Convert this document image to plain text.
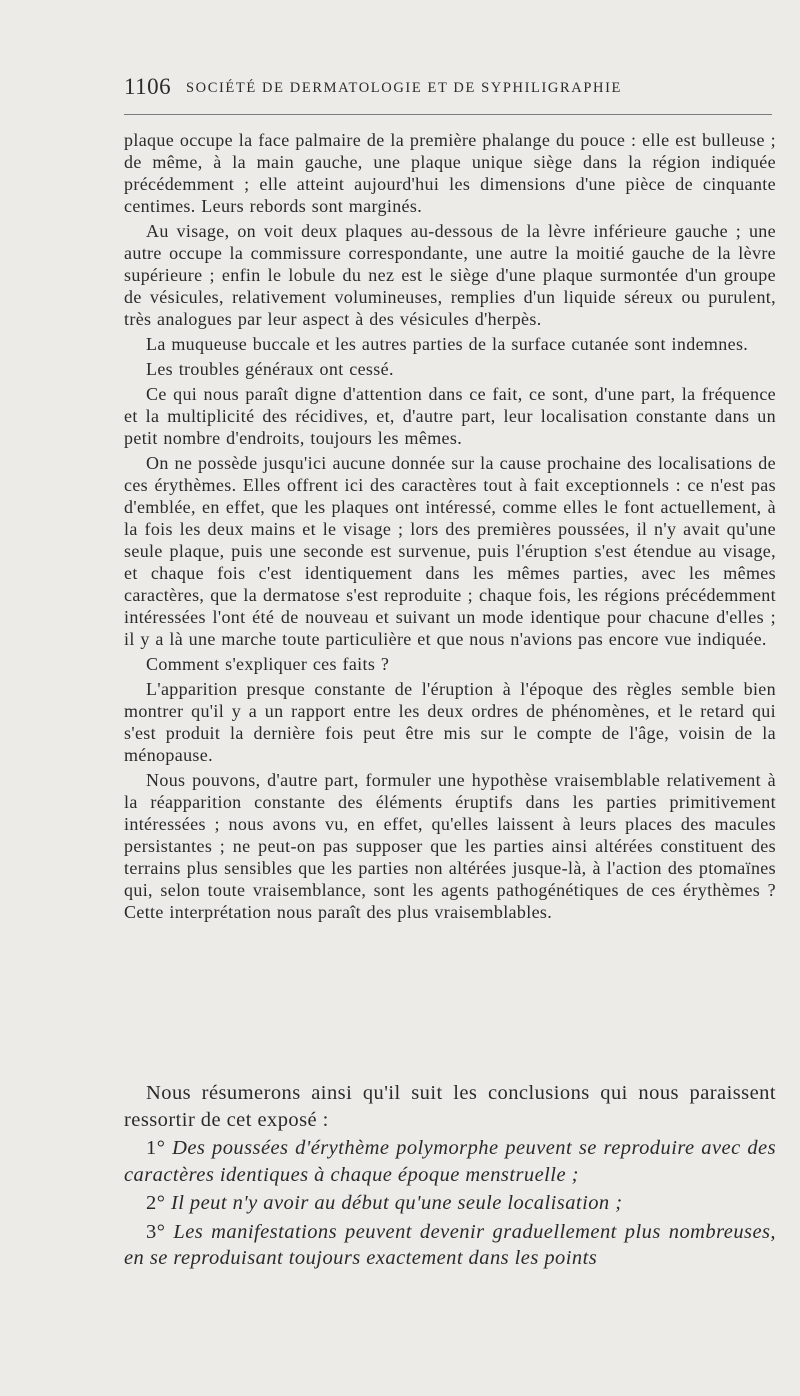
1106 SOCIÉTÉ DE DERMATOLOGIE ET DE SYPHILIGRAPHIE

plaque occupe la face palmaire de la première phalange du pouce : elle est bulleuse ; de même, à la main gauche, une plaque unique siège dans la région indiquée précédemment ; elle atteint aujourd'hui les dimensions d'une pièce de cinquante centimes. Leurs rebords sont marginés.

Au visage, on voit deux plaques au-dessous de la lèvre inférieure gauche ; une autre occupe la commissure correspondante, une autre la moitié gauche de la lèvre supérieure ; enfin le lobule du nez est le siège d'une plaque surmontée d'un groupe de vésicules, relativement volumineuses, remplies d'un liquide séreux ou purulent, très analogues par leur aspect à des vésicules d'herpès.

La muqueuse buccale et les autres parties de la surface cutanée sont indemnes.

Les troubles généraux ont cessé.

Ce qui nous paraît digne d'attention dans ce fait, ce sont, d'une part, la fréquence et la multiplicité des récidives, et, d'autre part, leur localisation constante dans un petit nombre d'endroits, toujours les mêmes.

On ne possède jusqu'ici aucune donnée sur la cause prochaine des localisations de ces érythèmes. Elles offrent ici des caractères tout à fait exceptionnels : ce n'est pas d'emblée, en effet, que les plaques ont intéressé, comme elles le font actuellement, à la fois les deux mains et le visage ; lors des premières poussées, il n'y avait qu'une seule plaque, puis une seconde est survenue, puis l'éruption s'est étendue au visage, et chaque fois c'est identiquement dans les mêmes parties, avec les mêmes caractères, que la dermatose s'est reproduite ; chaque fois, les régions précédemment intéressées l'ont été de nouveau et suivant un mode identique pour chacune d'elles ; il y a là une marche toute particulière et que nous n'avions pas encore vue indiquée.

Comment s'expliquer ces faits ?

L'apparition presque constante de l'éruption à l'époque des règles semble bien montrer qu'il y a un rapport entre les deux ordres de phénomènes, et le retard qui s'est produit la dernière fois peut être mis sur le compte de l'âge, voisin de la ménopause.

Nous pouvons, d'autre part, formuler une hypothèse vraisemblable relativement à la réapparition constante des éléments éruptifs dans les parties primitivement intéressées ; nous avons vu, en effet, qu'elles laissent à leurs places des macules persistantes ; ne peut-on pas supposer que les parties ainsi altérées constituent des terrains plus sensibles que les parties non altérées jusque-là, à l'action des ptomaïnes qui, selon toute vraisemblance, sont les agents pathogénétiques de ces érythèmes ? Cette interprétation nous paraît des plus vraisemblables.

Nous résumerons ainsi qu'il suit les conclusions qui nous paraissent ressortir de cet exposé :

1° Des poussées d'érythème polymorphe peuvent se reproduire avec des caractères identiques à chaque époque menstruelle ;

2° Il peut n'y avoir au début qu'une seule localisation ;

3° Les manifestations peuvent devenir graduellement plus nombreuses, en se reproduisant toujours exactement dans les points
